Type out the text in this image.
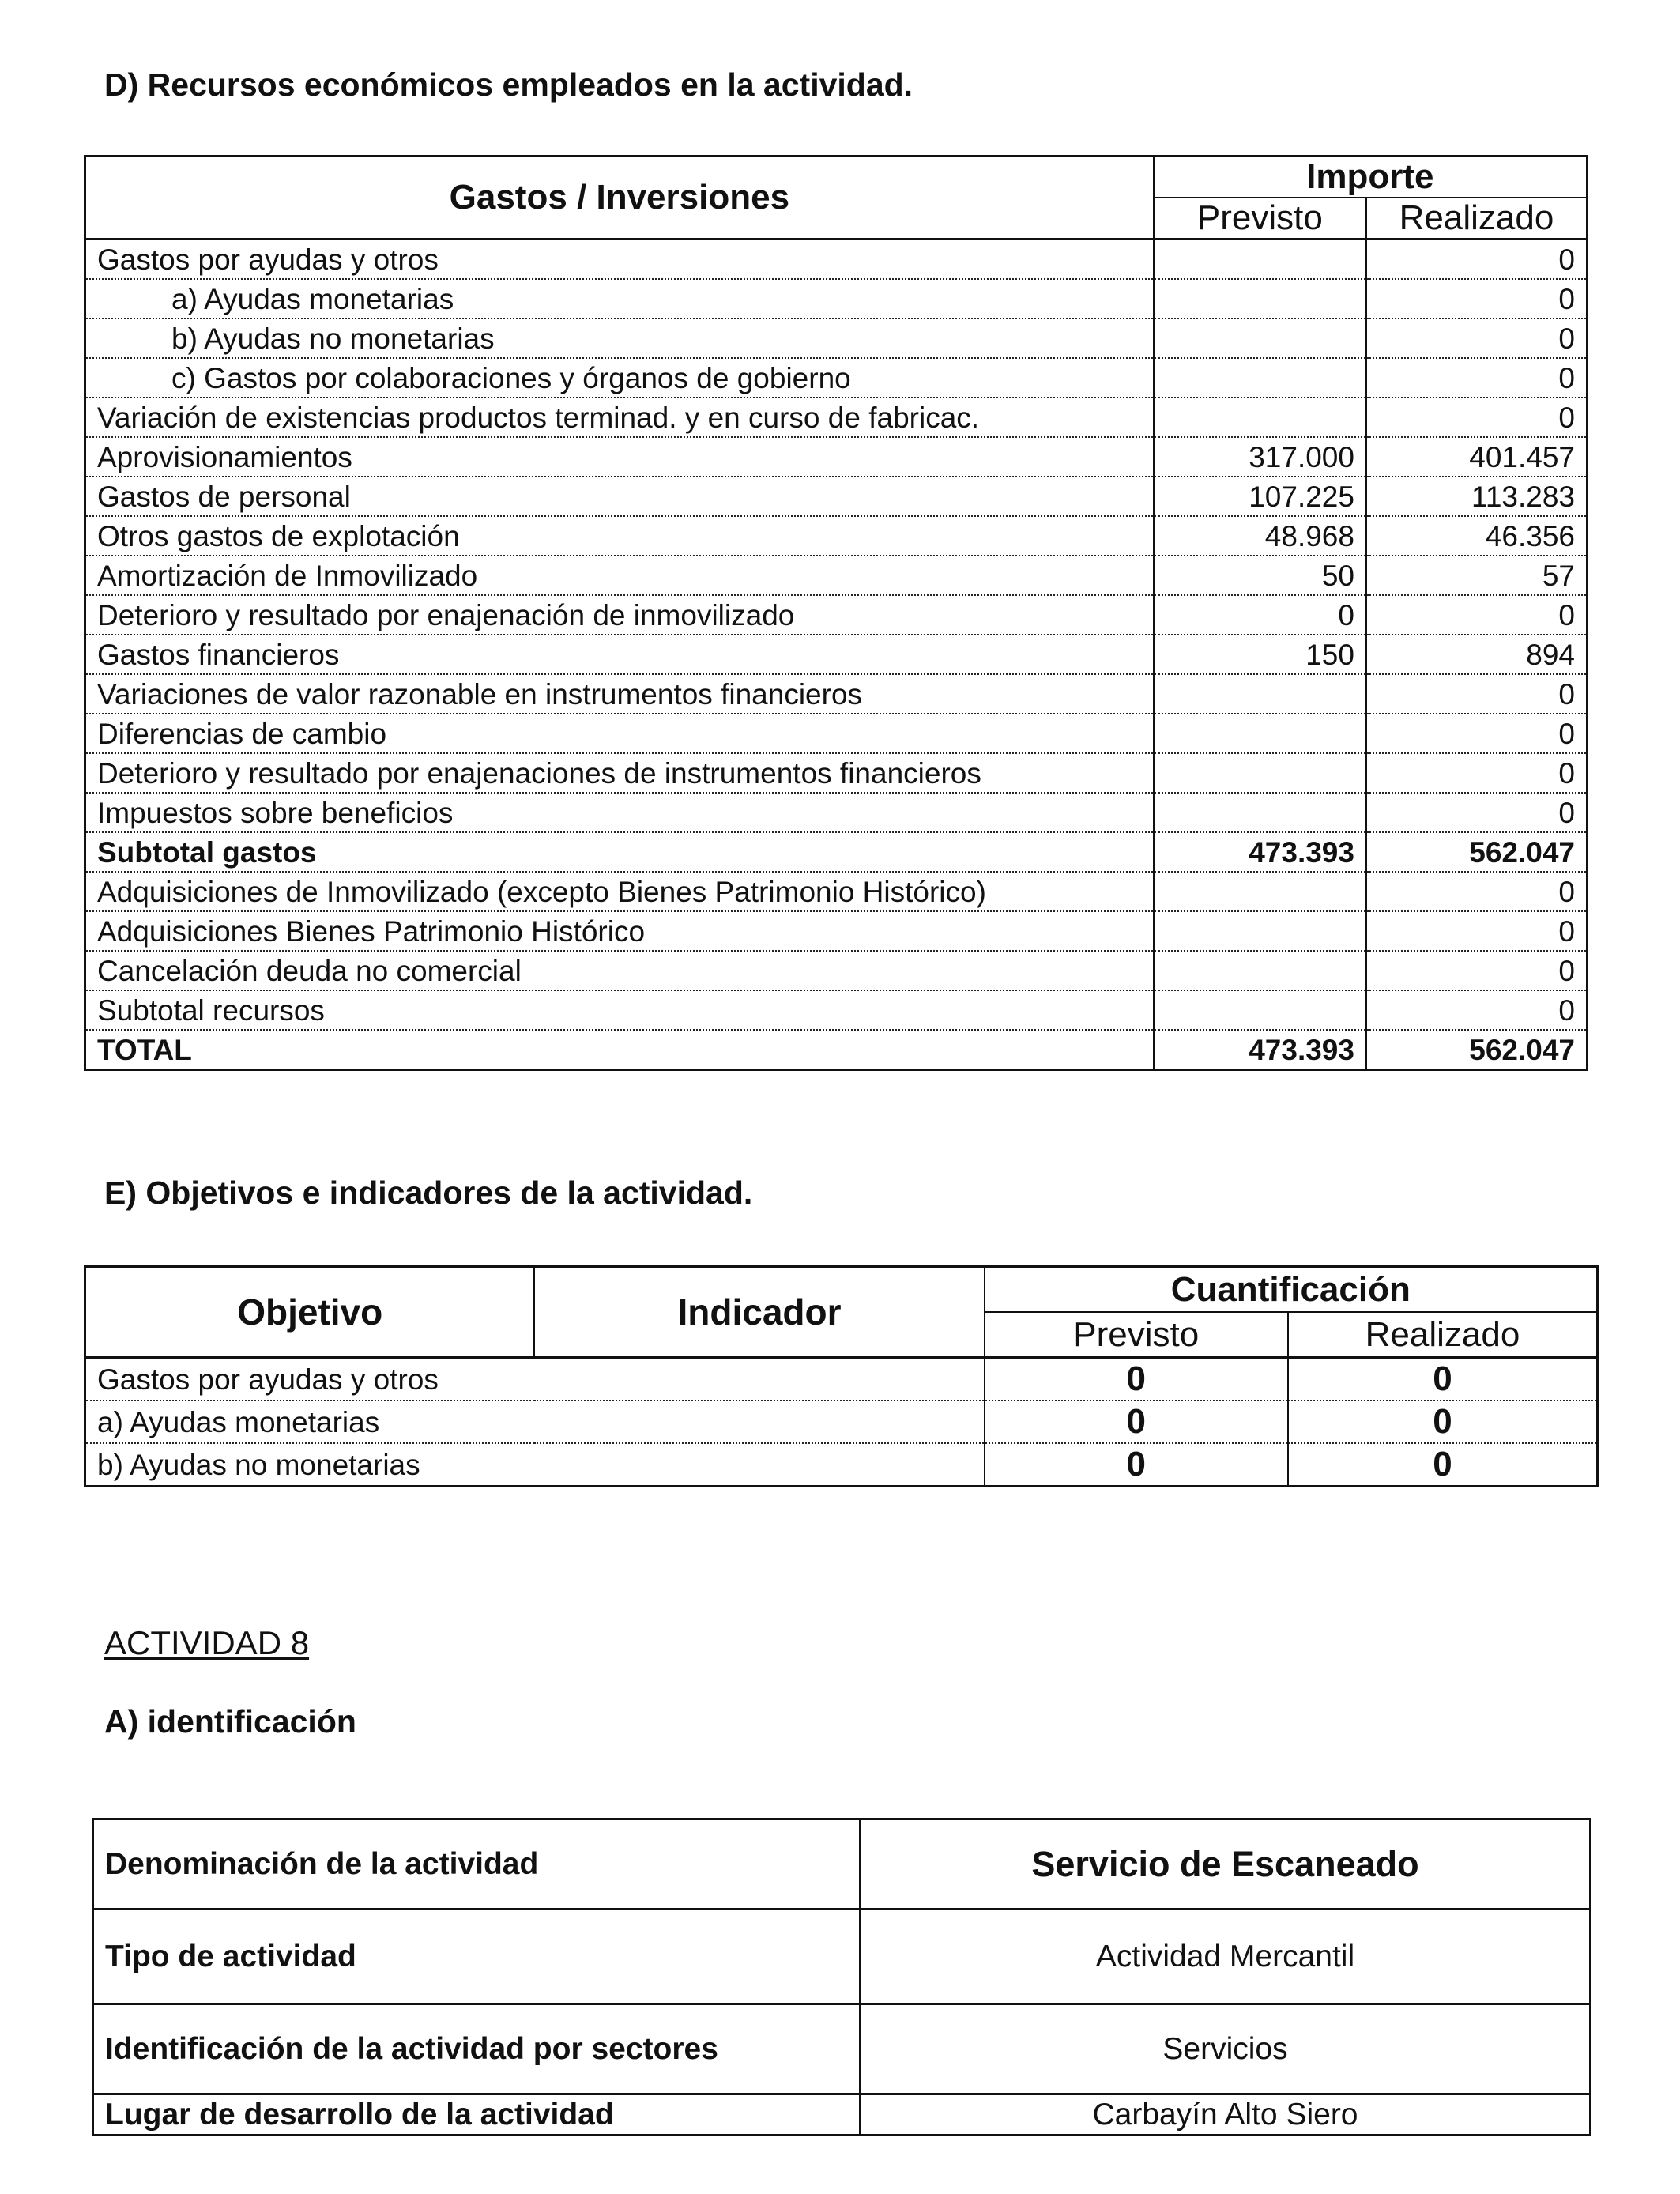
D) Recursos económicos empleados en la actividad.
Gastos / Inversiones	Importe	
	Previsto	Realizado
Gastos por ayudas y otros		0
a) Ayudas monetarias		0
b) Ayudas no monetarias		0
c) Gastos por colaboraciones y órganos de gobierno		0
Variación de existencias productos terminad. y en curso de fabricac.		0
Aprovisionamientos	317.000	401.457
Gastos de personal	107.225	113.283
Otros gastos de explotación	48.968	46.356
Amortización de Inmovilizado	50	57
Deterioro y resultado por enajenación de inmovilizado	0	0
Gastos financieros	150	894
Variaciones de valor razonable en instrumentos financieros		0
Diferencias de cambio		0
Deterioro y resultado por enajenaciones de instrumentos financieros		0
Impuestos sobre beneficios		0
Subtotal gastos	473.393	562.047
Adquisiciones de Inmovilizado (excepto Bienes Patrimonio Histórico)		0
Adquisiciones Bienes Patrimonio Histórico		0
Cancelación deuda no comercial		0
Subtotal recursos		0
TOTAL	473.393	562.047
E) Objetivos e indicadores de la actividad.
Objetivo	Indicador	Cuantificación	
		Previsto	Realizado
Gastos por ayudas y otros		0	0
a) Ayudas monetarias		0	0
b) Ayudas no monetarias		0	0

ACTIVIDAD 8

A) identificación
Denominación de la actividad	Servicio de Escaneado
Tipo de actividad	Actividad Mercantil
Identificación de la actividad por sectores	Servicios
Lugar de desarrollo de la actividad	Carbayín Alto Siero
